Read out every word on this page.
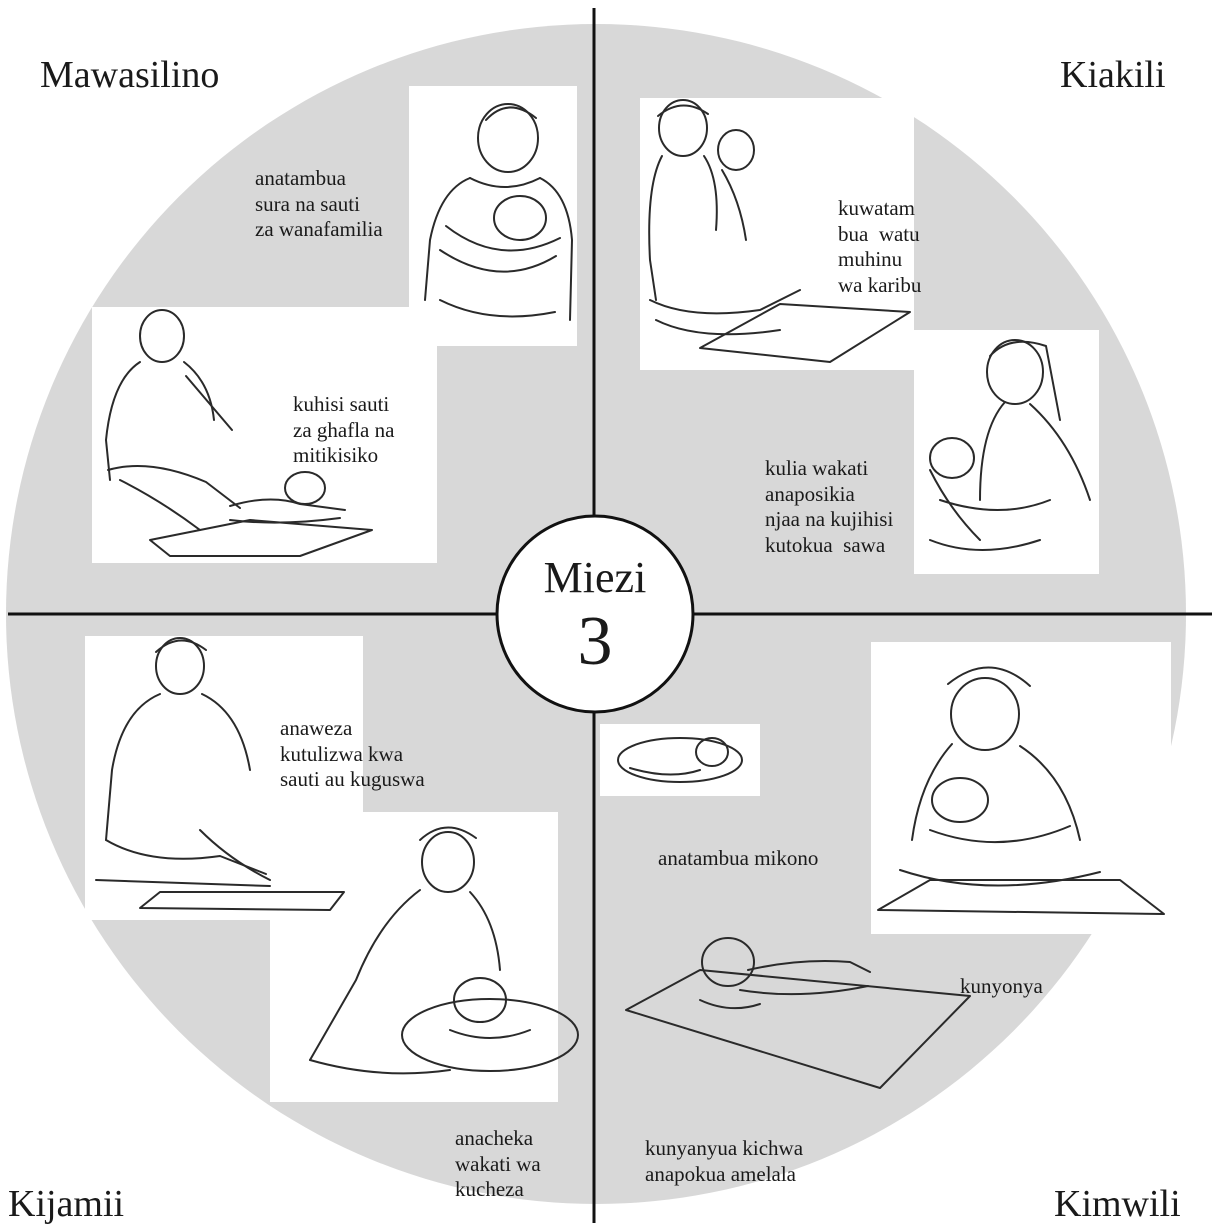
Miezi
3
Mawasilino	Kiakili
Kijamii	Kimwili
anatambua
sura na sauti
za wanafamilia
kuhisi sauti
za ghafla na
mitikisiko
kuwatam
bua  watu
muhinu
wa karibu
kulia wakati
anaposikia
njaa na kujihisi
kutokua  sawa
anaweza
kutulizwa kwa
sauti au kuguswa
anacheka
wakati wa
kucheza
anatambua mikono
kunyonya
kunyanyua kichwa
anapokua amelala
